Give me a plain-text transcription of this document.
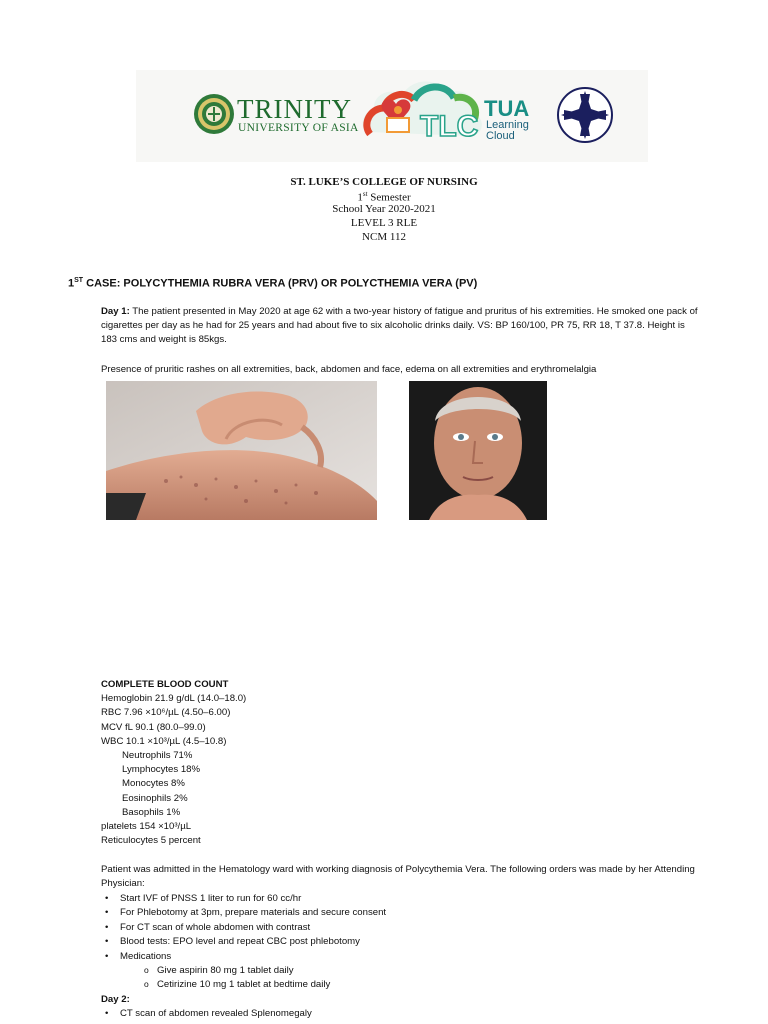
TRINITY
UNIVERSITY OF ASIA TLC
TUA
Learning Cloud
ST. LUKE’S COLLEGE OF NURSING
1st Semester
School Year 2020-2021
LEVEL 3 RLE
NCM 112
1ST CASE: POLYCYTHEMIA RUBRA VERA (PRV) OR POLYCTHEMIA VERA (PV)
Day 1: The patient presented in May 2020 at age 62 with a two-year history of fatigue and pruritus of his extremities. He smoked one pack of cigarettes per day as he had for 25 years and had about five to six alcoholic drinks daily. VS: BP 160/100, PR 75, RR 18, T 37.8. Height is 183 cms and weight is 85kgs.
Presence of pruritic rashes on all extremities, back, abdomen and face, edema on all extremities and erythromelalgia
COMPLETE BLOOD COUNT
Hemoglobin 21.9 g/dL (14.0–18.0)
RBC 7.96 ×10⁶/µL (4.50–6.00)
MCV fL 90.1 (80.0–99.0)
WBC 10.1 ×10³/µL (4.5–10.8)
Neutrophils 71%
Lymphocytes 18%
Monocytes 8%
Eosinophils 2%
Basophils 1%
platelets 154 ×10³/µL
Reticulocytes 5 percent
Patient was admitted in the Hematology ward with working diagnosis of Polycythemia Vera. The following orders was made by her Attending Physician:
• Start IVF of PNSS 1 liter to run for 60 cc/hr
• For Phlebotomy at 3pm, prepare materials and secure consent
• For CT scan of whole abdomen with contrast
• Blood tests: EPO level and repeat CBC post phlebotomy
• Medications
o Give aspirin 80 mg 1 tablet daily
o Cetirizine 10 mg 1 tablet at bedtime daily
Day 2:
• CT scan of abdomen revealed Splenomegaly
